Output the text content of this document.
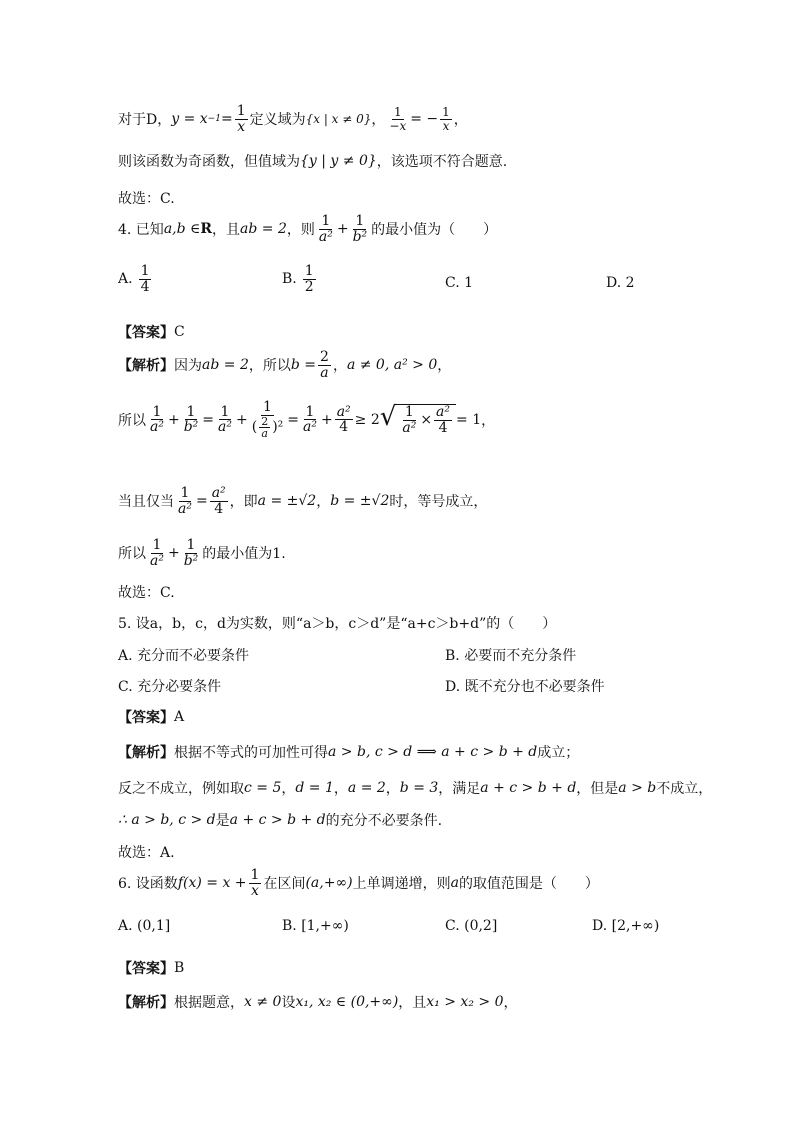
对于D， $y = x -1 = \frac{1}{x}$ 定义域为 {x | x ≠ 0} ， $\frac{1}{-x}$ = − $\frac{1}{x}$ ，
则该函数为奇函数，但值域为 {y | y ≠ 0} ，该选项不符合题意.
故选：C.
4. 已知 a,b ∈ R ，且 ab = 2 ，则 $\frac{1}{\text{a²}} + \frac{1}{\text{b²}}$ 的最小值为（　　）
A. $\frac{1}{4}$	B. $\frac{1}{2}$	C. 1	D. 2
【答案】 C
【解析】 因为 ab = 2 ，所以 $b = \frac{2}{a}$ ， a ≠ 0, a² > 0 ，
所以 $\frac{1}{\text{a²}} + \frac{1}{\text{b²}} = \frac{1}{\text{a²}} + \frac{1}{( \frac{2}{a} )^2} = \frac{1}{\text{a²}} + \frac{\text{a²}}{4} \ge 2$ √ $\frac{1}{\text{a²}} \times \frac{\text{a²}}{4} = 1$ ，
当且仅当 $\frac{1}{\text{a²}} = \frac{\text{a²}}{4}$ ，即 a = ±√2 ， b = ±√2 时，等号成立，
所以 $\frac{1}{\text{a²}} + \frac{1}{\text{b²}}$ 的最小值为1.
故选：C.
5. 设a，b，c，d为实数，则“a＞b，c＞d”是“a+c＞b+d”的（　　）
A. 充分而不必要条件	B. 必要而不充分条件
C. 充分必要条件	D. 既不充分也不必要条件
【答案】 A
【解析】 根据不等式的可加性可得 a > b, c > d ⟹ a + c > b + d 成立；
反之不成立，例如取 c = 5 ， d = 1 ， a = 2 ， b = 3 ，满足 a + c > b + d ，但是 a > b 不成立，
∴ a > b, c > d 是 a + c > b + d 的充分不必要条件.
故选：A.
6. 设函数 $f(x) = x + \frac{1}{x}$ 在区间 (a,+∞) 上单调递增，则 a 的取值范围是（　　）
A. (0,1]	B. [1,+∞)	C. (0,2]	D. [2,+∞)
【答案】 B
【解析】 根据题意， x ≠ 0 设 x₁, x₂ ∈ (0,+∞) ，且 x₁ > x₂ > 0 ，
